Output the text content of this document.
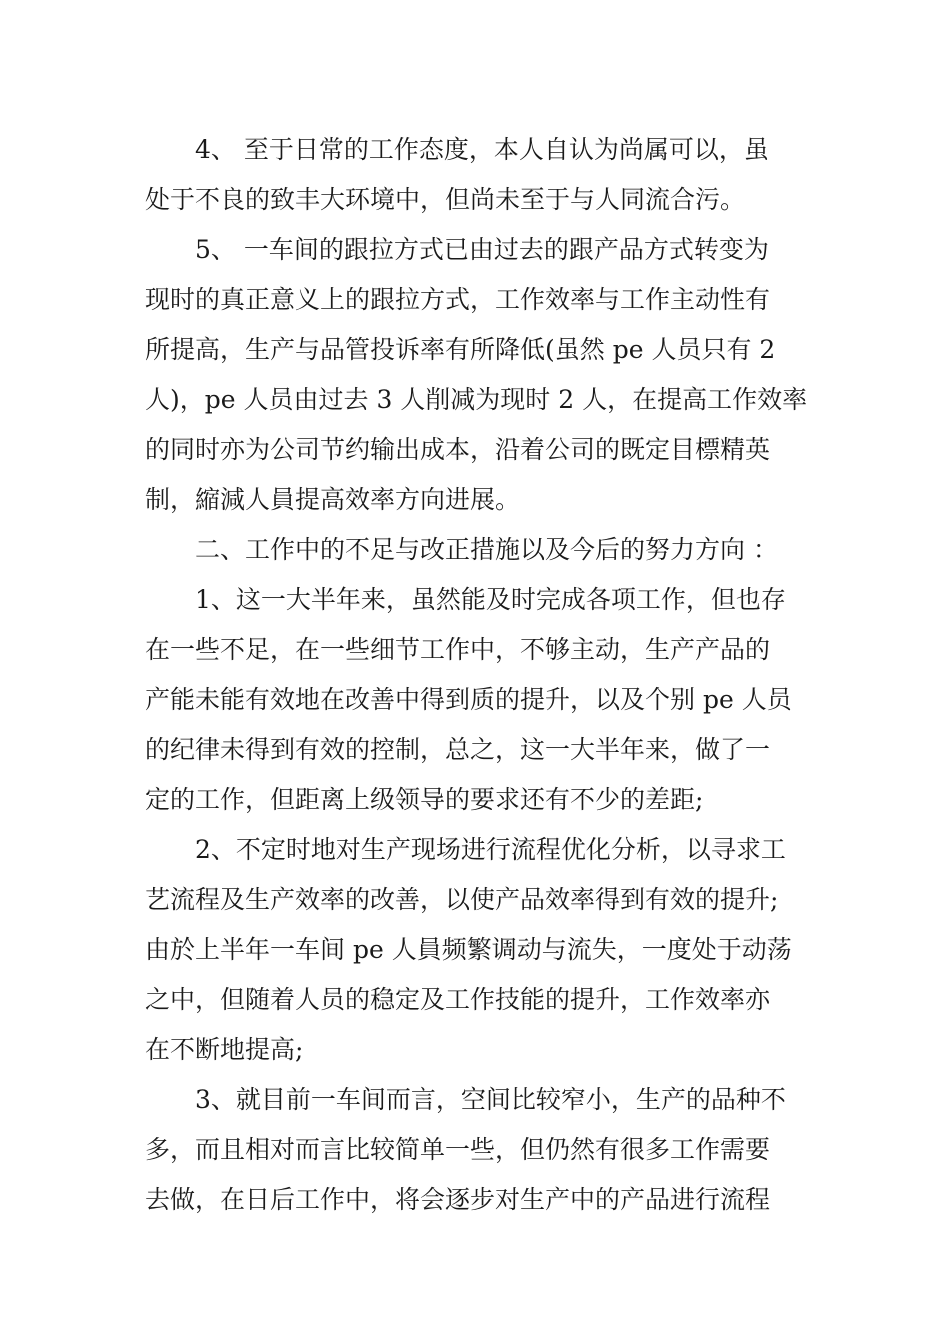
4、 至于日常的工作态度，本人自认为尚属可以，虽
处于不良的致丰大环境中，但尚未至于与人同流合污。
5、 一车间的跟拉方式已由过去的跟产品方式转变为
现时的真正意义上的跟拉方式，工作效率与工作主动性有
所提高，生产与品管投诉率有所降低(虽然 pe 人员只有 2
人)，pe 人员由过去 3 人削减为现时 2 人，在提高工作效率
的同时亦为公司节约输出成本，沿着公司的既定目標精英
制，縮減人員提高效率方向进展。
二、工作中的不足与改正措施以及今后的努力方向 ：
1、这一大半年来，虽然能及时完成各项工作，但也存
在一些不足，在一些细节工作中，不够主动，生产产品的
产能未能有效地在改善中得到质的提升，以及个别 pe 人员
的纪律未得到有效的控制，总之，这一大半年来，做了一
定的工作，但距离上级领导的要求还有不少的差距;
2、不定时地对生产现场进行流程优化分析，以寻求工
艺流程及生产效率的改善，以使产品效率得到有效的提升;
由於上半年一车间 pe 人員频繁调动与流失，一度处于动荡
之中，但随着人员的稳定及工作技能的提升，工作效率亦
在不断地提高;
3、就目前一车间而言，空间比较窄小，生产的品种不
多，而且相对而言比较简单一些，但仍然有很多工作需要
去做，在日后工作中，将会逐步对生产中的产品进行流程
